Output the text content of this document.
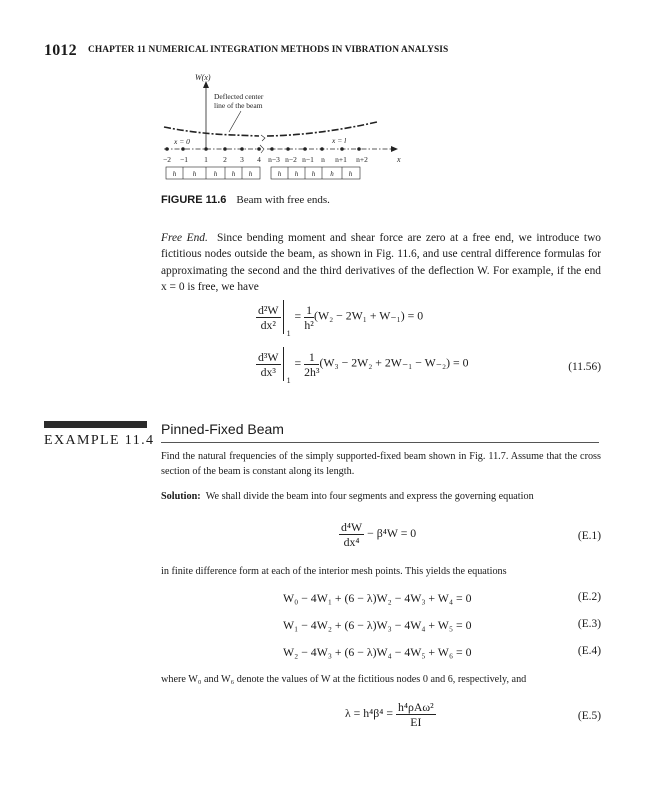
1012 CHAPTER 11 NUMERICAL INTEGRATION METHODS IN VIBRATION ANALYSIS
W(x)
Deflected center
line of the beam
x
x = 0	x = l
−2 −1 1 2 3 4 n−3 n−2 n−1 n n+1 n+2
h h	h h h	h h h h h
FIGURE 11.6 Beam with free ends.
Free End. Since bending moment and shear force are zero at a free end, we introduce two fictitious nodes outside the beam, as shown in Fig. 11.6, and use central difference formulas for approximating the second and the third derivatives of the deflection W. For example, if the end x = 0 is free, we have
$\frac{\text{d²W}}{\text{dx²}}$
1
= $\frac{1}{\text{h²}} (W_2 - 2W_1 + W_{-1}) = 0$
$\frac{\text{d³W}}{\text{dx³}}$
1
= $\frac{1}{\text{2h³}} (W_3 - 2W_2 + 2W_{-1} - W_{-2}) = 0$	(11.56)
EXAMPLE 11.4
Pinned-Fixed Beam
Find the natural frequencies of the simply supported-fixed beam shown in Fig. 11.7. Assume that the cross section of the beam is constant along its length.
Solution: We shall divide the beam into four segments and express the governing equation
$\frac{\text{d⁴W}}{\text{dx⁴}} - \beta^4W = 0$	(E.1)
in finite difference form at each of the interior mesh points. This yields the equations
W₀ − 4W₁ + (6 − λ)W₂ − 4W₃ + W₄ = 0	(E.2)
W₁ − 4W₂ + (6 − λ)W₃ − 4W₄ + W₅ = 0	(E.3)
W₂ − 4W₃ + (6 − λ)W₄ − 4W₅ + W₆ = 0	(E.4)
where W₀ and W₆ denote the values of W at the fictitious nodes 0 and 6, respectively, and
$\lambda = h^4\beta^4 = \frac{\text{h⁴ρAω²}}{EI}$	(E.5)
